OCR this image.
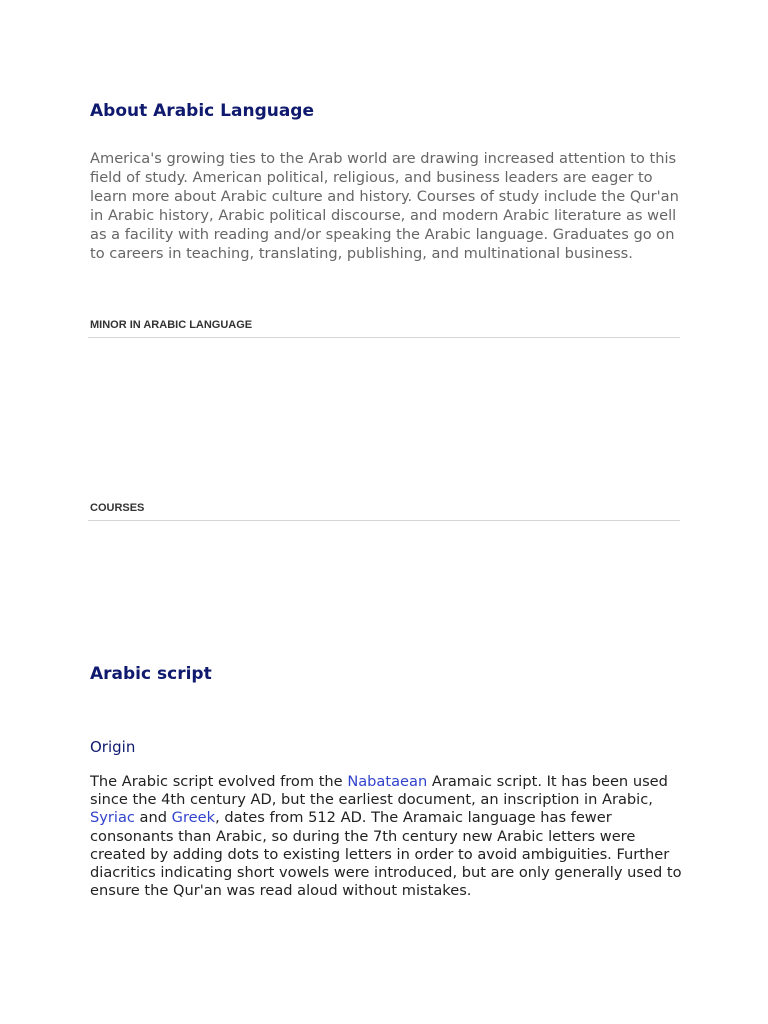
About Arabic Language

America's growing ties to the Arab world are drawing increased attention to this field of study. American political, religious, and business leaders are eager to learn more about Arabic culture and history. Courses of study include the Qur'an in Arabic history, Arabic political discourse, and modern Arabic literature as well as a facility with reading and/or speaking the Arabic language. Graduates go on to careers in teaching, translating, publishing, and multinational business.

MINOR IN ARABIC LANGUAGE
COURSES
Arabic script
Origin

The Arabic script evolved from the Nabataean Aramaic script. It has been used since the 4th century AD, but the earliest document, an inscription in Arabic, Syriac and Greek, dates from 512 AD. The Aramaic language has fewer consonants than Arabic, so during the 7th century new Arabic letters were created by adding dots to existing letters in order to avoid ambiguities. Further diacritics indicating short vowels were introduced, but are only generally used to ensure the Qur'an was read aloud without mistakes.
